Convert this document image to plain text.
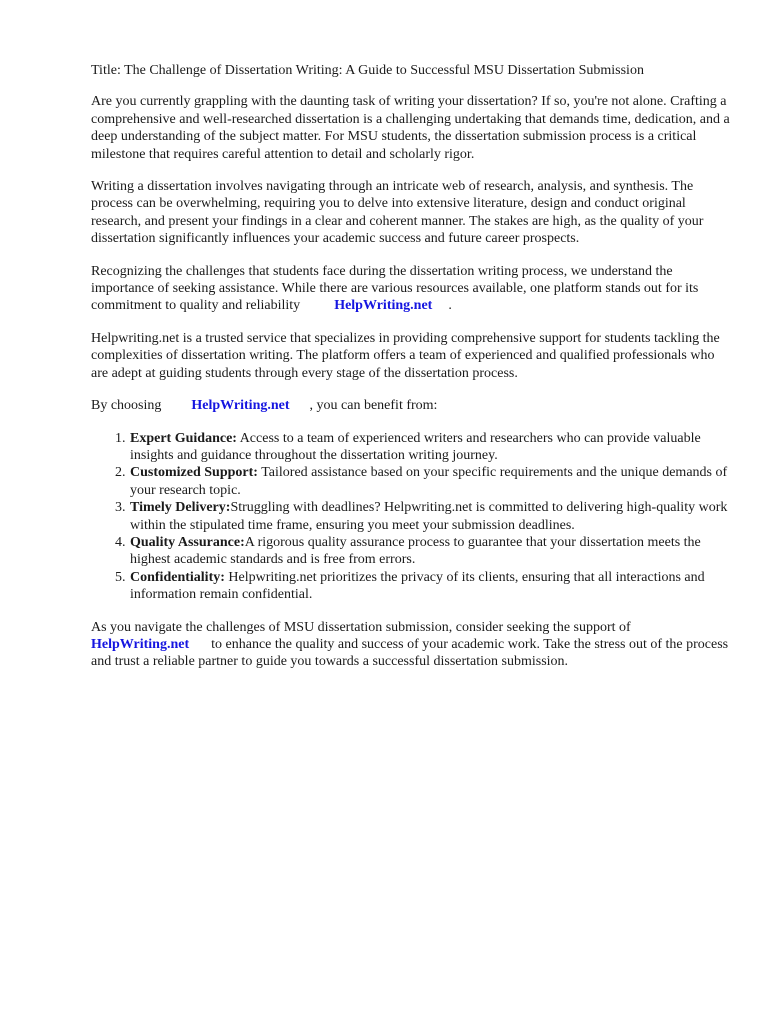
Title: The Challenge of Dissertation Writing: A Guide to Successful MSU Dissertation Submission

Are you currently grappling with the daunting task of writing your dissertation? If so, you're not alone. Crafting a comprehensive and well-researched dissertation is a challenging undertaking that demands time, dedication, and a deep understanding of the subject matter. For MSU students, the dissertation submission process is a critical milestone that requires careful attention to detail and scholarly rigor.

Writing a dissertation involves navigating through an intricate web of research, analysis, and synthesis. The process can be overwhelming, requiring you to delve into extensive literature, design and conduct original research, and present your findings in a clear and coherent manner. The stakes are high, as the quality of your dissertation significantly influences your academic success and future career prospects.

Recognizing the challenges that students face during the dissertation writing process, we understand the importance of seeking assistance. While there are various resources available, one platform stands out for its commitment to quality and reliability HelpWriting.net .

Helpwriting.net is a trusted service that specializes in providing comprehensive support for students tackling the complexities of dissertation writing. The platform offers a team of experienced and qualified professionals who are adept at guiding students through every stage of the dissertation process.

By choosing HelpWriting.net , you can benefit from:

1. Expert Guidance: Access to a team of experienced writers and researchers who can provide valuable insights and guidance throughout the dissertation writing journey.
2. Customized Support: Tailored assistance based on your specific requirements and the unique demands of your research topic.
3. Timely Delivery:Struggling with deadlines? Helpwriting.net is committed to delivering high-quality work within the stipulated time frame, ensuring you meet your submission deadlines.
4. Quality Assurance:A rigorous quality assurance process to guarantee that your dissertation meets the highest academic standards and is free from errors.
5. Confidentiality: Helpwriting.net prioritizes the privacy of its clients, ensuring that all interactions and information remain confidential.

As you navigate the challenges of MSU dissertation submission, consider seeking the support of HelpWriting.net to enhance the quality and success of your academic work. Take the stress out of the process and trust a reliable partner to guide you towards a successful dissertation submission.
